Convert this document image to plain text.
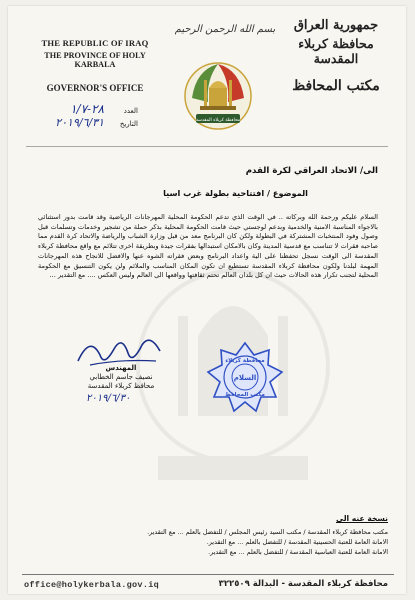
THE REPUBLIC OF IRAQ
THE PROVINCE OF HOLY KARBALA
GOVERNOR'S OFFICE
بسم الله الرحمن الرحيم	جمهورية العراق
محافظة كربلاء المقدسة
مكتب المحافظ
محافظة كربلاء المقدسة
العدد
٢٨-١/٧
التاريخ
٢٠١٩/٦/٣١
الى/ الاتحاد العراقي لكرة القدم
الموضوع / افتتاحية بطولة غرب اسيا
السلام عليكم ورحمة الله وبركاته .. في الوقت الذي تدعم الحكومة المحلية المهرجانات الرياضية وقد قامت بدور استثنائي بالاجواء المناسبة الامنية والخدمية وبدعم لوجستي حيث قامت الحكومة المحلية بذكر حملة من تشجير وخدمات وتسلمات قبل وصول وفود المنتخبات المشتركة في البطولة ولكن كان البرنامج معد من قبل وزارة الشباب والرياضة والاتحاد كرة القدم مما صاحبه فقرات لا تتناسب مع قدسية المدينة وكان بالامكان استبدالها بفقرات جيدة وبطريقة اخرى تتلائم مع واقع محافظة كربلاء المقدسة الى الوقت نسجل تحفظنا على الية واعداد البرنامج وبعض فقراته الشوه عنها والافضل للانجاح هذه المهرجانات المهمة لبلدنا ولكون محافظة كربلاء المقدسة تستطيع ان تكون المكان المناسب والملائم ولن يكون التنسيق مع الحكومة المحلية لتجنب تكرار هذه الحالات حيث ان كل بلدان العالم تحتم ثقافتها وواقعها الى العالم وليس العكس .... مع التقدير ...
المهندس
نصيف جاسم الخطابي
محافظ كربلاء المقدسة
٢٠١٩/٦/٣٠
محافظة كربلاء
السلام
مكتب المحافظ
نسخة عنه الى
مكتب محافظة كربلاء المقدسة / مكتب السيد رئيس المجلس / للتفضل بالعلم ... مع التقدير.
الامانة العامة للعتبة الحسينية المقدسة / للتفضل بالعلم ... مع التقدير.
الامانة العامة للعتبة العباسية المقدسة / للتفضل بالعلم ... مع التقدير.
office@holykerbala.gov.iq	محافظة كربلاء المقدسة - البدالة ٣٢٢٥٠٩
